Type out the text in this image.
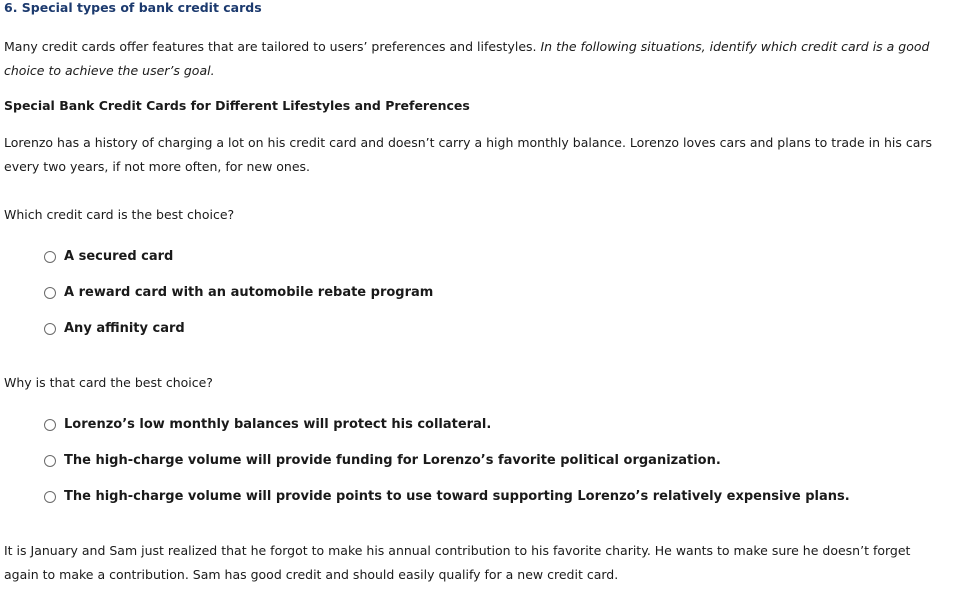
6. Special types of bank credit cards
Many credit cards offer features that are tailored to users’ preferences and lifestyles. In the following situations, identify which credit card is a good
choice to achieve the user’s goal.
Special Bank Credit Cards for Different Lifestyles and Preferences
Lorenzo has a history of charging a lot on his credit card and doesn’t carry a high monthly balance. Lorenzo loves cars and plans to trade in his cars
every two years, if not more often, for new ones.
Which credit card is the best choice?
A secured card
A reward card with an automobile rebate program
Any affinity card
Why is that card the best choice?
Lorenzo’s low monthly balances will protect his collateral.
The high-charge volume will provide funding for Lorenzo’s favorite political organization.
The high-charge volume will provide points to use toward supporting Lorenzo’s relatively expensive plans.
It is January and Sam just realized that he forgot to make his annual contribution to his favorite charity. He wants to make sure he doesn’t forget
again to make a contribution. Sam has good credit and should easily qualify for a new credit card.
